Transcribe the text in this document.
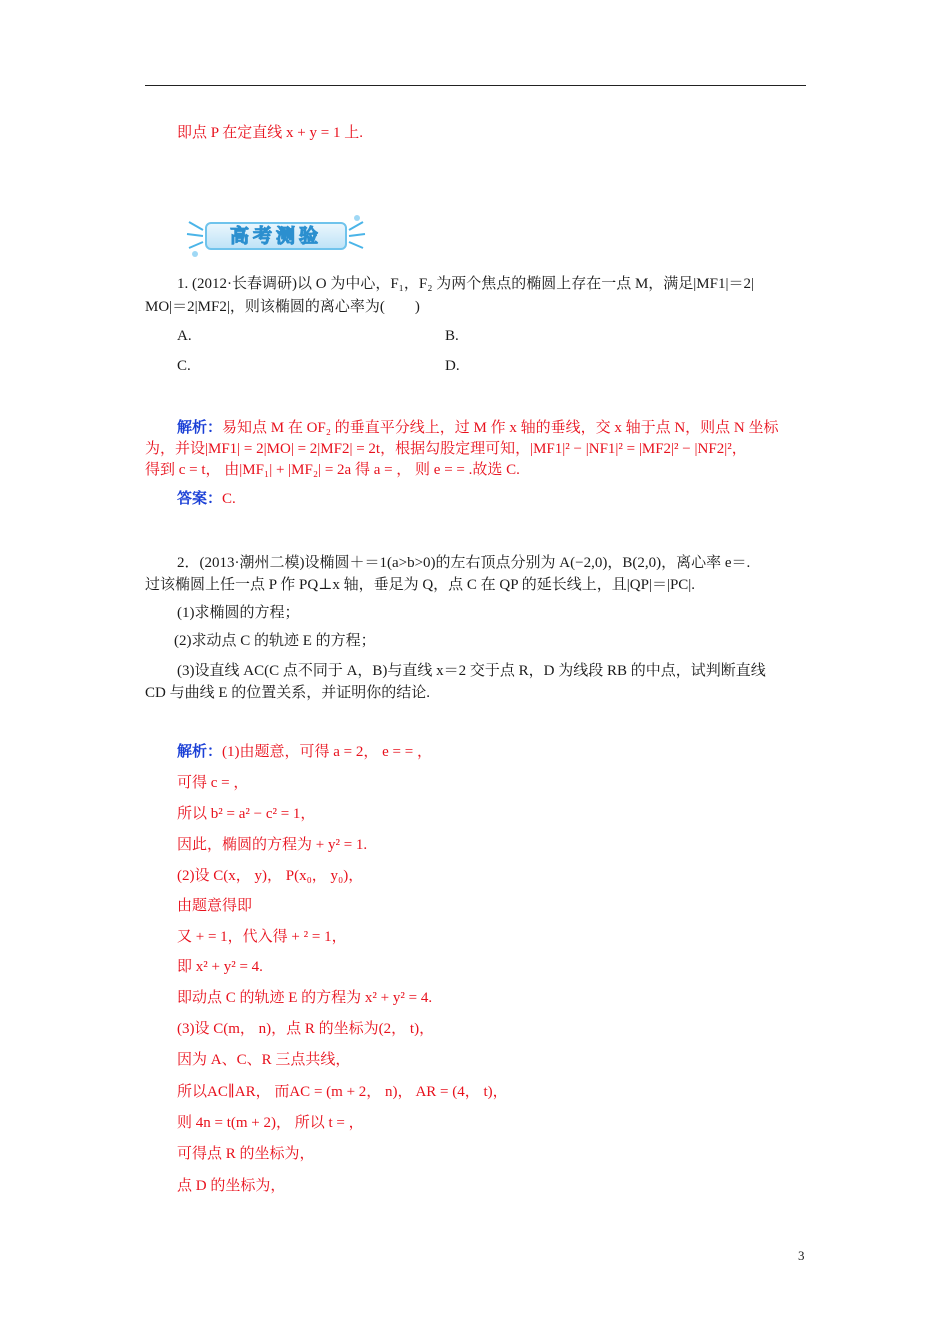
即点 P 在定直线 x + y = 1 上.
高考测验
1. (2012·长春调研)以 O 为中心，F₁，F₂ 为两个焦点的椭圆上存在一点 M，满足|MF1|＝2|
MO|＝2|MF2|，则该椭圆的离心率为(　　)
A.	B.
C.	D.
解析：易知点 M 在 OF₂ 的垂直平分线上，过 M 作 x 轴的垂线，交 x 轴于点 N，则点 N 坐标
为，并设|MF1| = 2|MO| = 2|MF2| = 2t，根据勾股定理可知，|MF1|² − |NF1|² = |MF2|² − |NF2|²，
得到 c = t， 由|MF₁| + |MF₂| = 2a 得 a = ， 则 e = = .故选 C.
答案：C.
2．(2013·潮州二模)设椭圆＋＝1(a>b>0)的左右顶点分别为 A(−2,0)，B(2,0)，离心率 e＝.
过该椭圆上任一点 P 作 PQ⊥x 轴，垂足为 Q，点 C 在 QP 的延长线上，且|QP|＝|PC|.
(1)求椭圆的方程；
(2)求动点 C 的轨迹 E 的方程；
(3)设直线 AC(C 点不同于 A，B)与直线 x＝2 交于点 R，D 为线段 RB 的中点，试判断直线
CD 与曲线 E 的位置关系，并证明你的结论.
解析：(1)由题意，可得 a = 2， e = = ，
可得 c = ，
所以 b² = a² − c² = 1，
因此，椭圆的方程为 + y² = 1.
(2)设 C(x， y)， P(x₀， y₀)，
由题意得即
又 + = 1，代入得 + ² = 1，
即 x² + y² = 4.
即动点 C 的轨迹 E 的方程为 x² + y² = 4.
(3)设 C(m， n)，点 R 的坐标为(2， t)，
因为 A、C、R 三点共线，
所以AC∥AR， 而AC = (m + 2， n)， AR = (4， t)，
则 4n = t(m + 2)， 所以 t = ，
可得点 R 的坐标为，
点 D 的坐标为，
3
